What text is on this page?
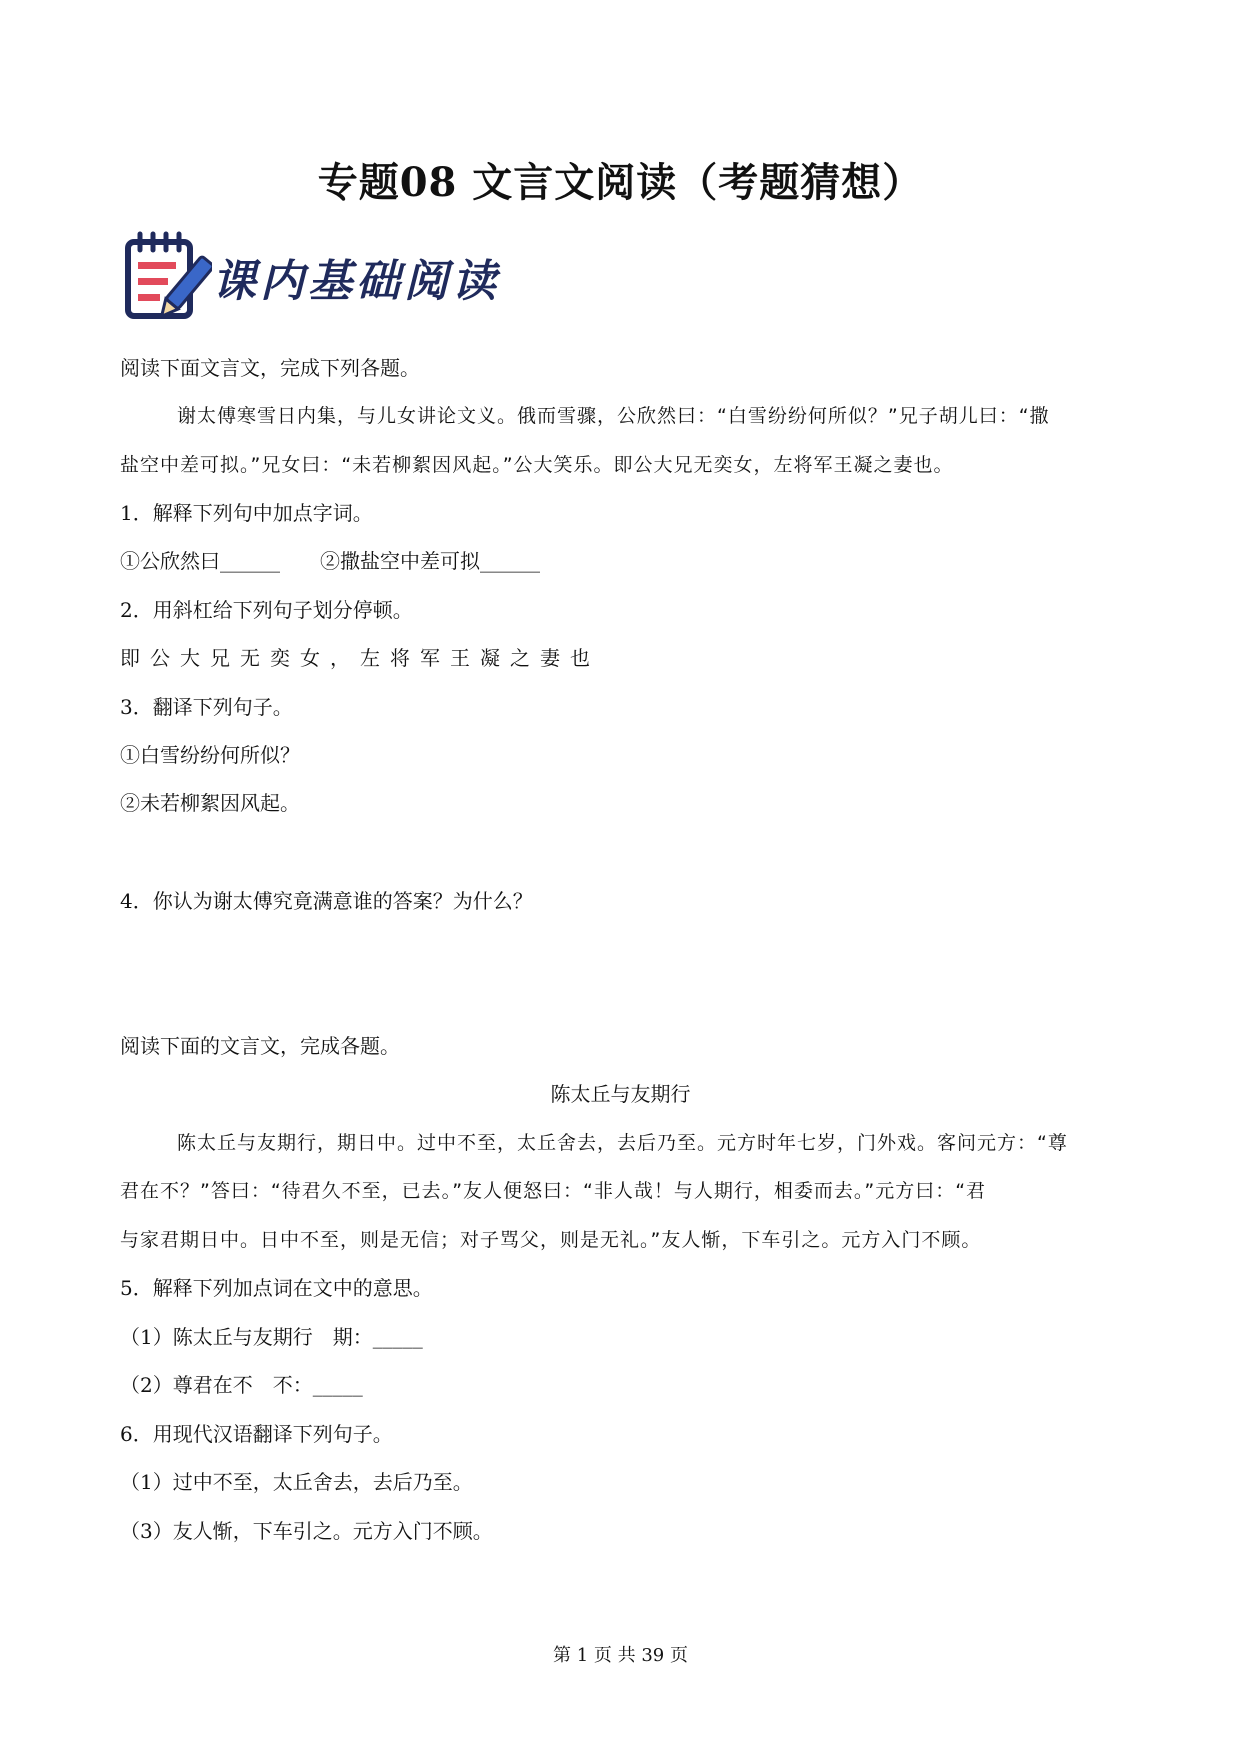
专题08 文言文阅读（考题猜想）
课内基础阅读
阅读下面文言文，完成下列各题。
谢太傅寒雪日内集，与儿女讲论文义。俄而雪骤，公欣然曰：“白雪纷纷何所似？”兄子胡儿曰：“撒
盐空中差可拟。”兄女曰：“未若柳絮因风起。”公大笑乐。即公大兄无奕女，左将军王凝之妻也。
1．解释下列句中加点字词。
①公欣然曰______　　②撒盐空中差可拟______
2．用斜杠给下列句子划分停顿。
即公大兄无奕女，左将军王凝之妻也
3．翻译下列句子。
①白雪纷纷何所似？
②未若柳絮因风起。
4．你认为谢太傅究竟满意谁的答案？为什么？
阅读下面的文言文，完成各题。
陈太丘与友期行
陈太丘与友期行，期日中。过中不至，太丘舍去，去后乃至。元方时年七岁，门外戏。客问元方：“尊
君在不？”答曰：“待君久不至，已去。”友人便怒曰：“非人哉！与人期行，相委而去。”元方曰：“君
与家君期日中。日中不至，则是无信；对子骂父，则是无礼。”友人惭，下车引之。元方入门不顾。
5．解释下列加点词在文中的意思。
（1）陈太丘与友期行　期：_____
（2）尊君在不　不：_____
6．用现代汉语翻译下列句子。
（1）过中不至，太丘舍去，去后乃至。
（3）友人惭，下车引之。元方入门不顾。
第 1 页 共 39 页
